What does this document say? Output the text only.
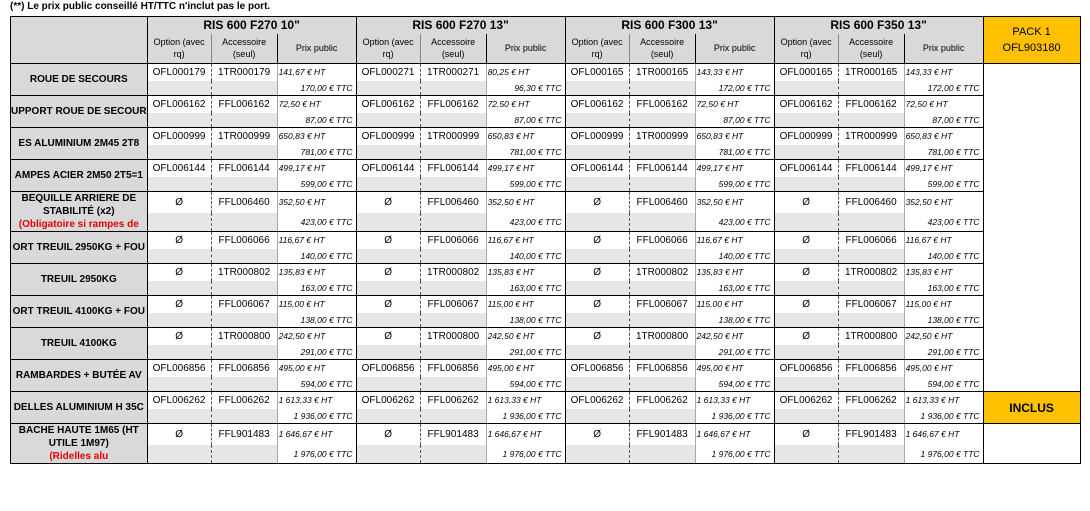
(**) Le prix public conseillé HT/TTC n'inclut pas le port.
	RIS 600 F270 10"			RIS 600 F270 13"			RIS 600 F300 13"			RIS 600 F350 13"			PACK 1
OFL903180

	Option (avec rq)	Accessoire (seul)	Prix public	Option (avec rq)	Accessoire (seul)	Prix public	Option (avec rq)	Accessoire (seul)	Prix public	Option (avec rq)	Accessoire (seul)	Prix public	

ROUE DE SECOURS	OFL000179	1TR000179	141,67 € HT	OFL000271	1TR000271	80,25 € HT	OFL000165	1TR000165	143,33 € HT	OFL000165	1TR000165	143,33 € HT	
			170,00 € TTC			96,30 € TTC			172,00 € TTC			172,00 € TTC	

UPPORT ROUE DE SECOUR	OFL006162	FFL006162	72,50 € HT	OFL006162	FFL006162	72,50 € HT	OFL006162	FFL006162	72,50 € HT	OFL006162	FFL006162	72,50 € HT	
			87,00 € TTC			87,00 € TTC			87,00 € TTC			87,00 € TTC	

ES ALUMINIUM 2M45 2T8	OFL000999	1TR000999	650,83 € HT	OFL000999	1TR000999	650,83 € HT	OFL000999	1TR000999	650,83 € HT	OFL000999	1TR000999	650,83 € HT	
			781,00 € TTC			781,00 € TTC			781,00 € TTC			781,00 € TTC	

AMPES ACIER 2M50 2T5=1	OFL006144	FFL006144	499,17 € HT	OFL006144	FFL006144	499,17 € HT	OFL006144	FFL006144	499,17 € HT	OFL006144	FFL006144	499,17 € HT	
			599,00 € TTC			599,00 € TTC			599,00 € TTC			599,00 € TTC	

BEQUILLE ARRIERE DE STABILITÉ (x2)
(Obligatoire si rampes de	Ø	FFL006460	352,50 € HT	Ø	FFL006460	352,50 € HT	Ø	FFL006460	352,50 € HT	Ø	FFL006460	352,50 € HT	
			423,00 € TTC			423,00 € TTC			423,00 € TTC			423,00 € TTC	

ORT TREUIL 2950KG + FOU	Ø	FFL006066	116,67 € HT	Ø	FFL006066	116,67 € HT	Ø	FFL006066	116,67 € HT	Ø	FFL006066	116,67 € HT	
			140,00 € TTC			140,00 € TTC			140,00 € TTC			140,00 € TTC	

TREUIL 2950KG	Ø	1TR000802	135,83 € HT	Ø	1TR000802	135,83 € HT	Ø	1TR000802	135,83 € HT	Ø	1TR000802	135,83 € HT	
			163,00 € TTC			163,00 € TTC			163,00 € TTC			163,00 € TTC	

ORT TREUIL 4100KG + FOU	Ø	FFL006067	115,00 € HT	Ø	FFL006067	115,00 € HT	Ø	FFL006067	115,00 € HT	Ø	FFL006067	115,00 € HT	
			138,00 € TTC			138,00 € TTC			138,00 € TTC			138,00 € TTC	

TREUIL 4100KG	Ø	1TR000800	242,50 € HT	Ø	1TR000800	242,50 € HT	Ø	1TR000800	242,50 € HT	Ø	1TR000800	242,50 € HT	
			291,00 € TTC			291,00 € TTC			291,00 € TTC			291,00 € TTC	

RAMBARDES + BUTÉE AV	OFL006856	FFL006856	495,00 € HT	OFL006856	FFL006856	495,00 € HT	OFL006856	FFL006856	495,00 € HT	OFL006856	FFL006856	495,00 € HT	
			594,00 € TTC			594,00 € TTC			594,00 € TTC			594,00 € TTC	

DELLES ALUMINIUM H 35C	OFL006262	FFL006262	1 613,33 € HT	OFL006262	FFL006262	1 613,33 € HT	OFL006262	FFL006262	1 613,33 € HT	OFL006262	FFL006262	1 613,33 € HT	INCLUS
			1 936,00 € TTC			1 936,00 € TTC			1 936,00 € TTC			1 936,00 € TTC	

BACHE HAUTE 1M65 (HT UTILE 1M97)
(Ridelles alu	Ø	FFL901483	1 646,67 € HT	Ø	FFL901483	1 646,67 € HT	Ø	FFL901483	1 646,67 € HT	Ø	FFL901483	1 646,67 € HT	
			1 976,00 € TTC			1 976,00 € TTC			1 976,00 € TTC			1 976,00 € TTC	
